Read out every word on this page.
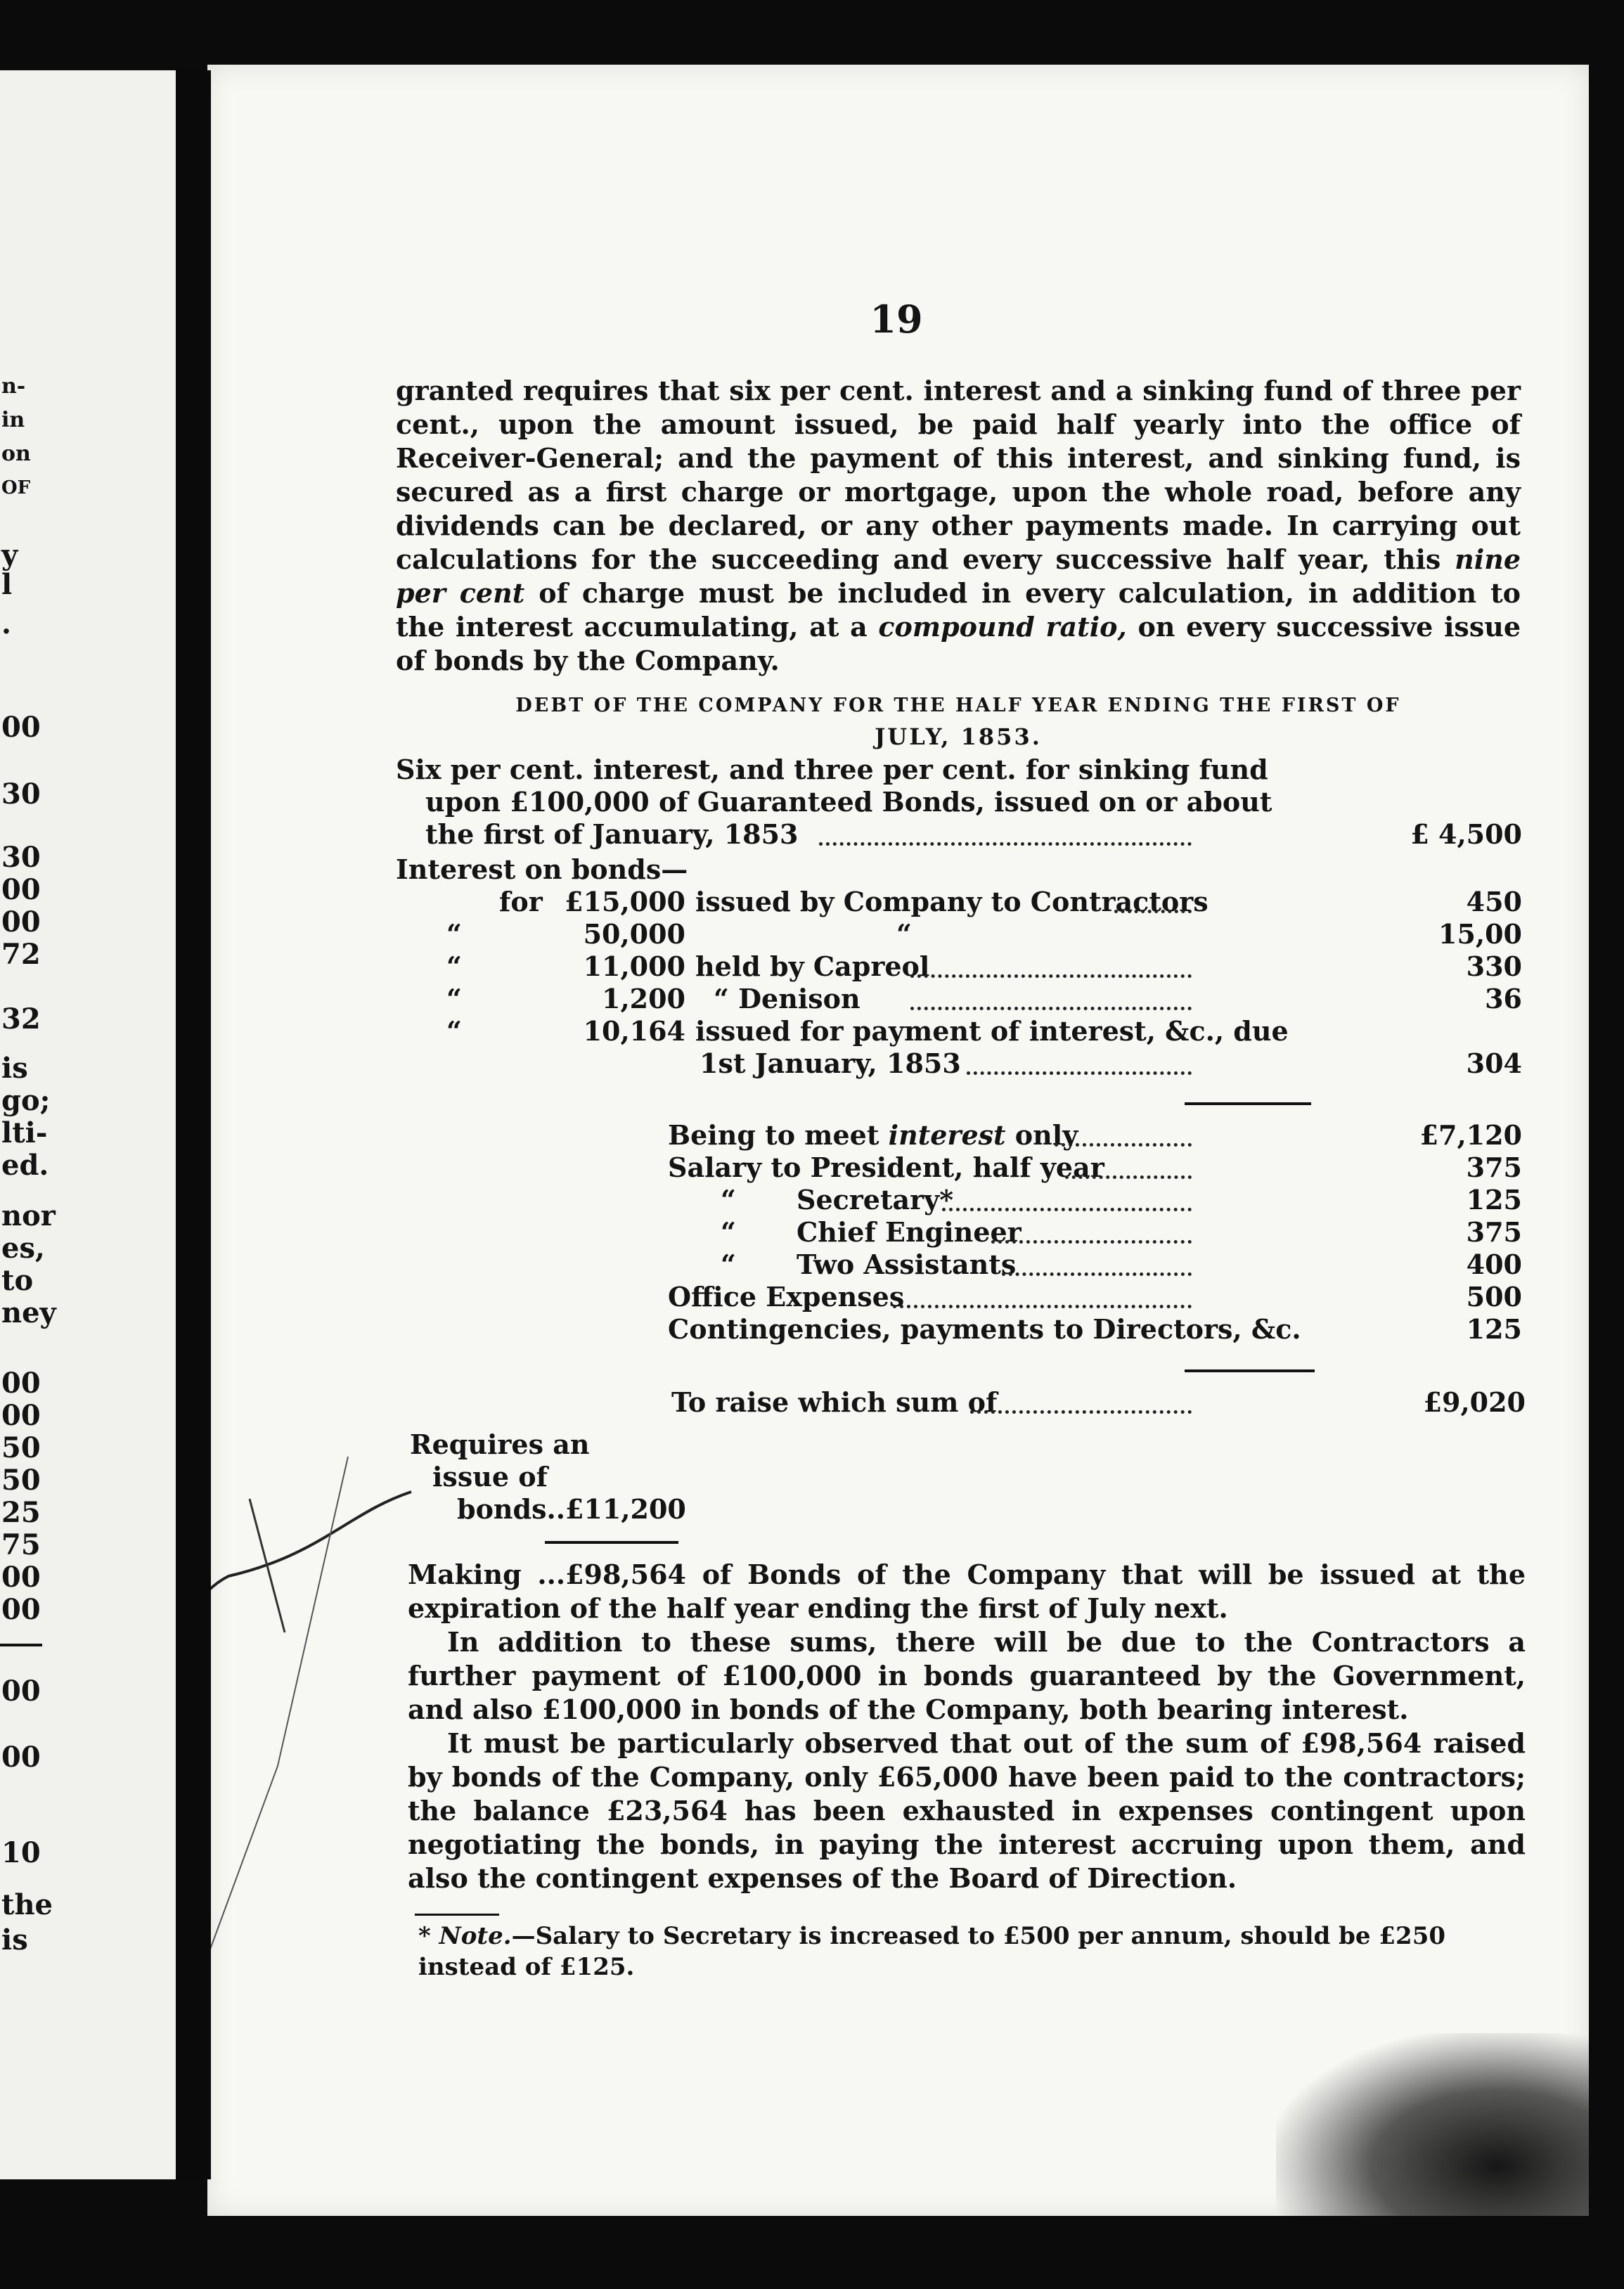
n-
in
on
OF
y
l
.
00
30
30
00
00
72
32
is
go;
lti-
ed.
nor
es,
to
ney
00
00
50
50
25
75
00
00
00
00
10
the
is
19
granted requires that six per cent. interest and a sinking fund of three per cent., upon the amount issued, be paid half yearly into the office of Receiver-General; and the payment of this interest, and sinking fund, is secured as a first charge or mortgage, upon the whole road, before any dividends can be declared, or any other payments made. In carrying out calculations for the succeeding and every successive half year, this nine per cent of charge must be included in every calculation, in addition to the interest accumulating, at a compound ratio, on every successive issue of bonds by the Company.
DEBT OF THE COMPANY FOR THE HALF YEAR ENDING THE FIRST OF
JULY, 1853.
Six per cent. interest, and three per cent. for sinking fund
upon £100,000 of Guaranteed Bonds, issued on or about
the first of January, 1853	£ 4,500
Interest on bonds—
for £15,000 issued by Company to Contractors	450
“	50,000	“	15,00
“	11,000 held by Capreol	330
“	1,200 “ Denison	36
“	10,164 issued for payment of interest, &c., due
1st January, 1853	304
Being to meet interest only	£7,120
Salary to President, half year	375
“ Secretary*	125
“ Chief Engineer	375
“ Two Assistants	400
Office Expenses	500
Contingencies, payments to Directors, &c.	125
To raise which sum of	£9,020
Requires an
issue of
bonds..£11,200
Making ...£98,564 of Bonds of the Company that will be issued at the expiration of the half year ending the first of July next.
In addition to these sums, there will be due to the Contractors a further payment of £100,000 in bonds guaranteed by the Government, and also £100,000 in bonds of the Company, both bearing interest.
It must be particularly observed that out of the sum of £98,564 raised by bonds of the Company, only £65,000 have been paid to the contractors; the balance £23,564 has been exhausted in expenses contingent upon negotiating the bonds, in paying the interest accruing upon them, and also the contingent expenses of the Board of Direction.
* Note.—Salary to Secretary is increased to £500 per annum, should be £250 instead of £125.
